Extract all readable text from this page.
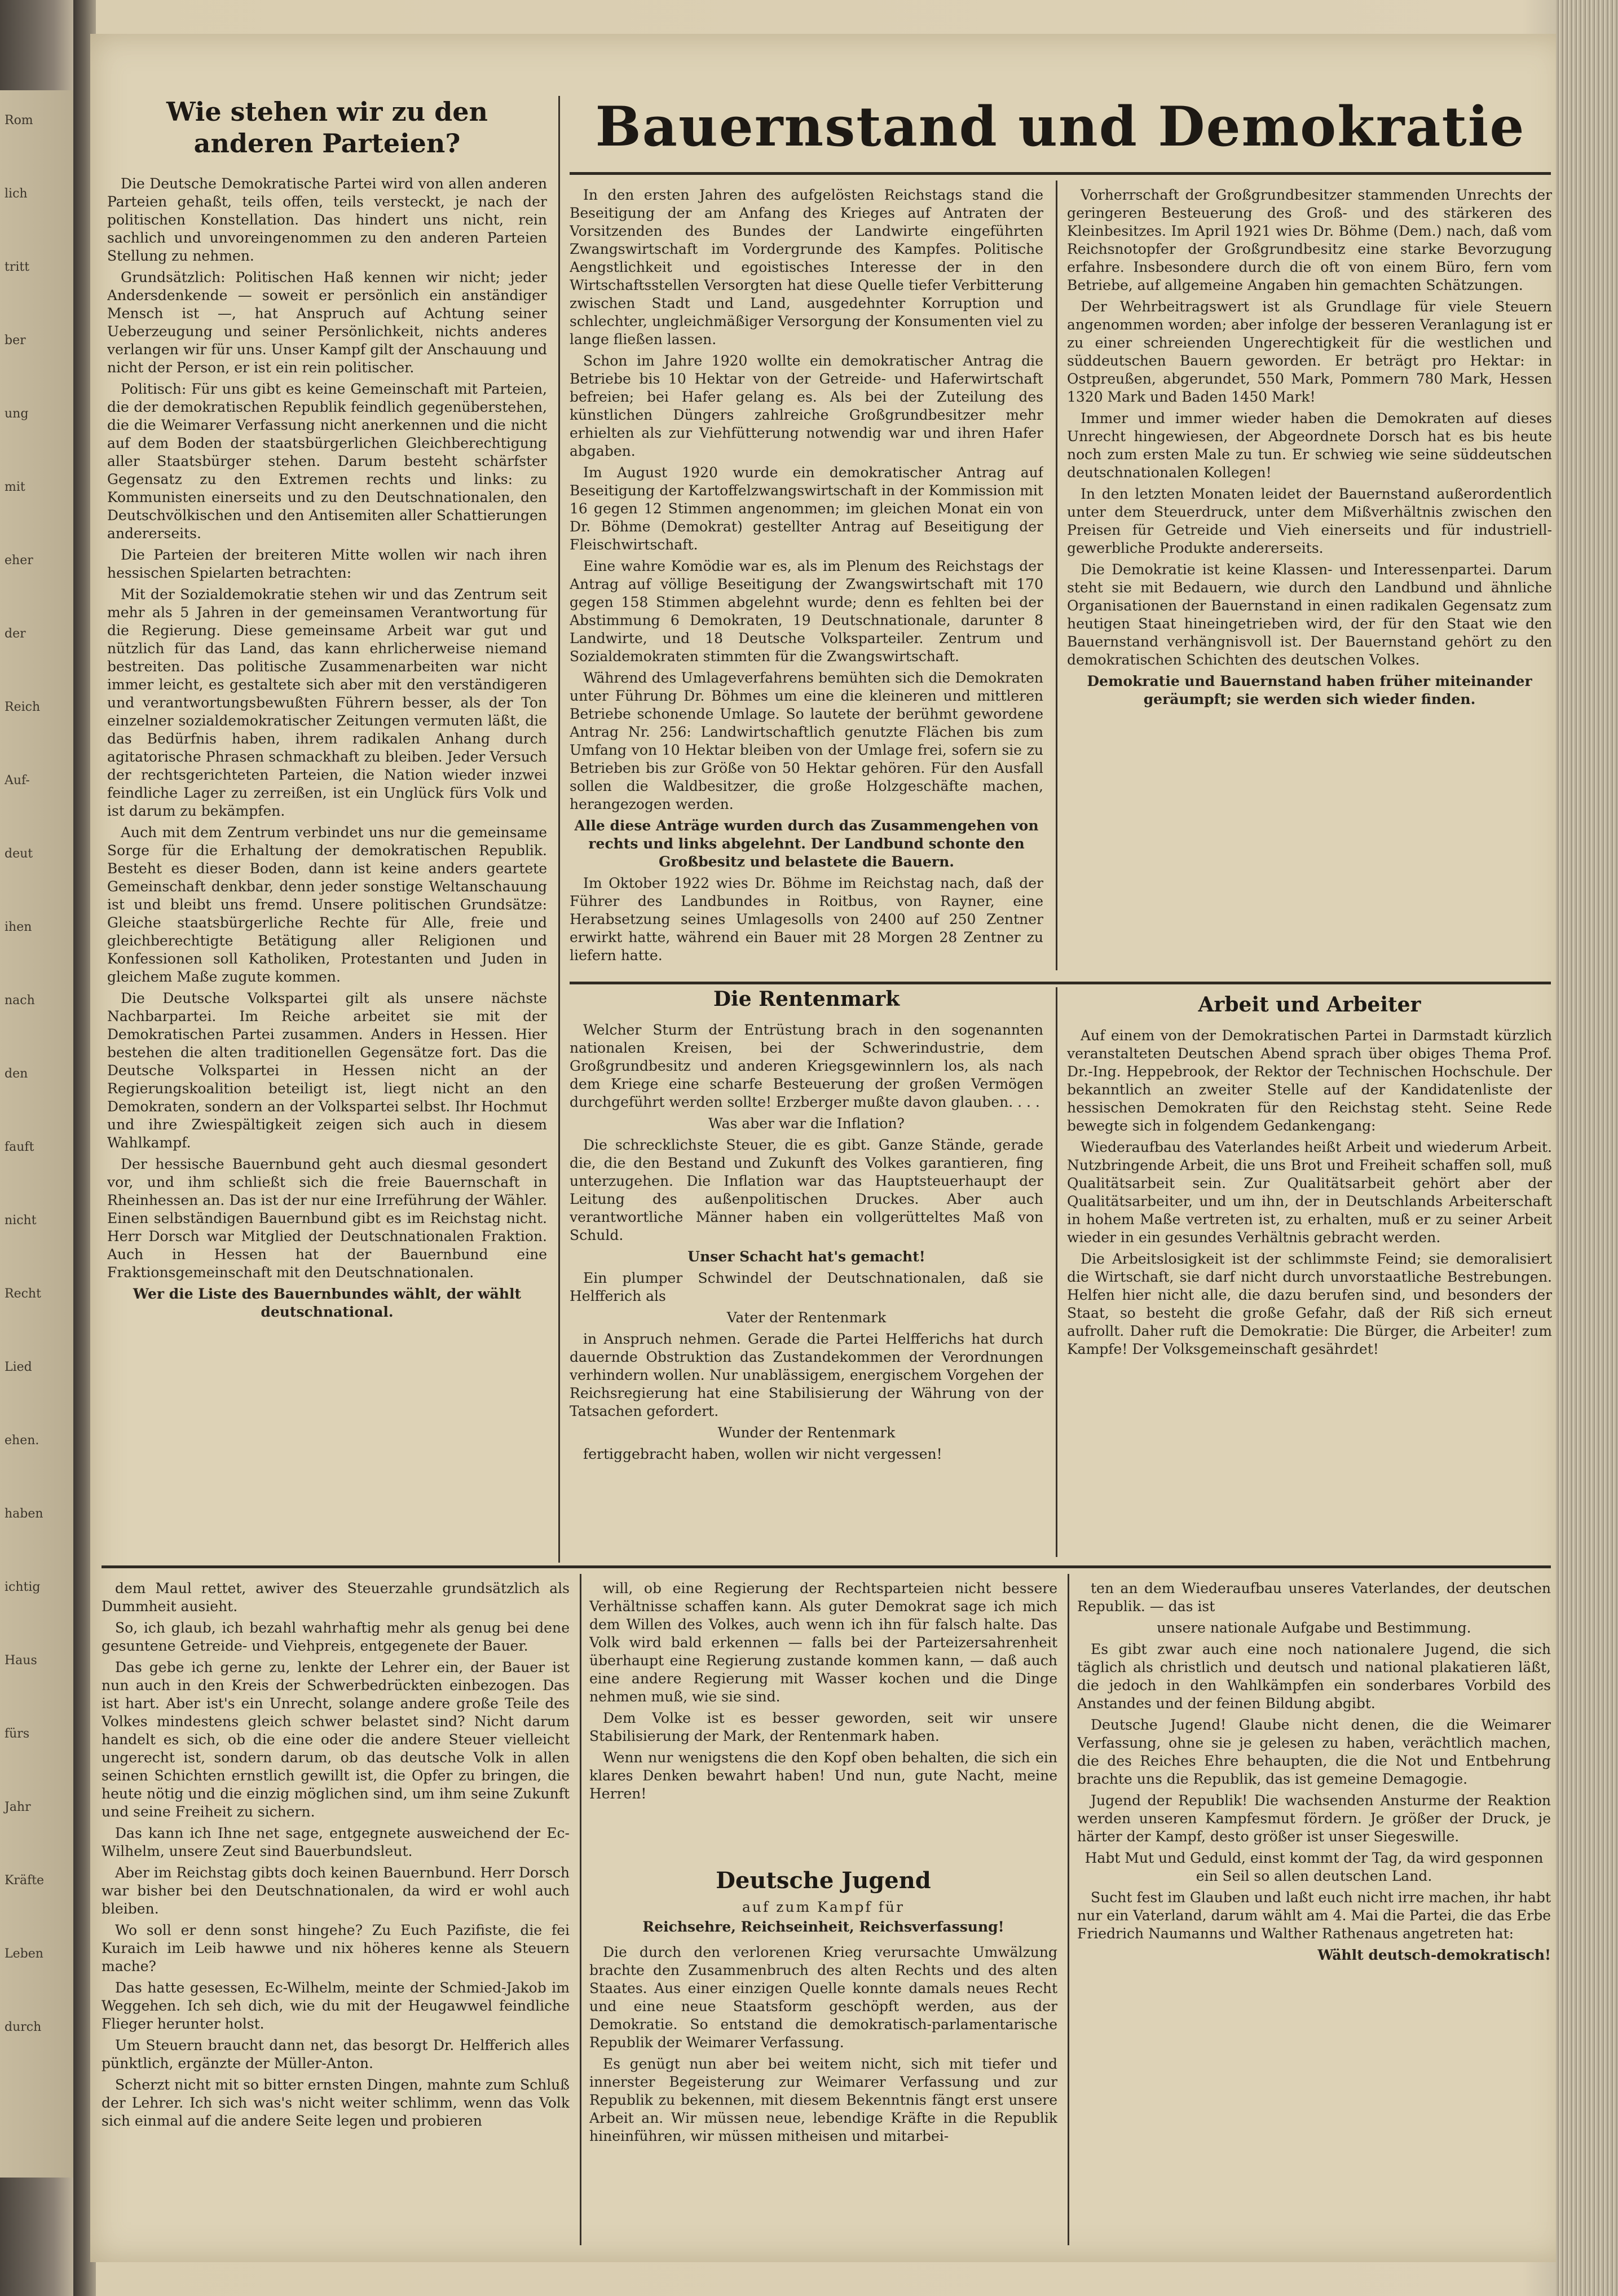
Rom
lich
tritt
ber
ung
mit
eher
der
Reich
Auf-
deut
ihen
nach
den
fauft
nicht
Recht
Lied
ehen.
haben
ichtig
Haus
fürs
Jahr
Kräfte
Leben
durch
Wie stehen wir zu den anderen Parteien?

Die Deutsche Demokratische Partei wird von allen anderen Parteien gehaßt, teils offen, teils versteckt, je nach der politischen Konstellation. Das hindert uns nicht, rein sachlich und unvoreingenommen zu den anderen Parteien Stellung zu nehmen.

Grundsätzlich: Politischen Haß kennen wir nicht; jeder Andersdenkende — soweit er persönlich ein anständiger Mensch ist —, hat Anspruch auf Achtung seiner Ueberzeugung und seiner Persönlichkeit, nichts anderes verlangen wir für uns. Unser Kampf gilt der Anschauung und nicht der Person, er ist ein rein politischer.

Politisch: Für uns gibt es keine Gemeinschaft mit Parteien, die der demokratischen Republik feindlich gegenüberstehen, die die Weimarer Verfassung nicht anerkennen und die nicht auf dem Boden der staatsbürgerlichen Gleichberechtigung aller Staatsbürger stehen. Darum besteht schärfster Gegensatz zu den Extremen rechts und links: zu Kommunisten einerseits und zu den Deutschnationalen, den Deutschvölkischen und den Antisemiten aller Schattierungen andererseits.

Die Parteien der breiteren Mitte wollen wir nach ihren hessischen Spielarten betrachten:

Mit der Sozialdemokratie stehen wir und das Zentrum seit mehr als 5 Jahren in der gemeinsamen Verantwortung für die Regierung. Diese gemeinsame Arbeit war gut und nützlich für das Land, das kann ehrlicherweise niemand bestreiten. Das politische Zusammenarbeiten war nicht immer leicht, es gestaltete sich aber mit den verständigeren und verantwortungsbewußten Führern besser, als der Ton einzelner sozialdemokratischer Zeitungen vermuten läßt, die das Bedürfnis haben, ihrem radikalen Anhang durch agitatorische Phrasen schmackhaft zu bleiben. Jeder Versuch der rechtsgerichteten Parteien, die Nation wieder inzwei feindliche Lager zu zerreißen, ist ein Unglück fürs Volk und ist darum zu bekämpfen.

Auch mit dem Zentrum verbindet uns nur die gemeinsame Sorge für die Erhaltung der demokratischen Republik. Besteht es dieser Boden, dann ist keine anders geartete Gemeinschaft denkbar, denn jeder sonstige Weltanschauung ist und bleibt uns fremd. Unsere politischen Grundsätze: Gleiche staatsbürgerliche Rechte für Alle, freie und gleichberechtigte Betätigung aller Religionen und Konfessionen soll Katholiken, Protestanten und Juden in gleichem Maße zugute kommen.

Die Deutsche Volkspartei gilt als unsere nächste Nachbarpartei. Im Reiche arbeitet sie mit der Demokratischen Partei zusammen. Anders in Hessen. Hier bestehen die alten traditionellen Gegensätze fort. Das die Deutsche Volkspartei in Hessen nicht an der Regierungskoalition beteiligt ist, liegt nicht an den Demokraten, sondern an der Volkspartei selbst. Ihr Hochmut und ihre Zwiespältigkeit zeigen sich auch in diesem Wahlkampf.

Der hessische Bauernbund geht auch diesmal gesondert vor, und ihm schließt sich die freie Bauernschaft in Rheinhessen an. Das ist der nur eine Irreführung der Wähler. Einen selbständigen Bauernbund gibt es im Reichstag nicht. Herr Dorsch war Mitglied der Deutschnationalen Fraktion. Auch in Hessen hat der Bauernbund eine Fraktionsgemeinschaft mit den Deutschnationalen.

Wer die Liste des Bauernbundes wählt, der wählt deutschnational.

Bauernstand und Demokratie

In den ersten Jahren des aufgelösten Reichstags stand die Beseitigung der am Anfang des Krieges auf Antraten der Vorsitzenden des Bundes der Landwirte eingeführten Zwangswirtschaft im Vordergrunde des Kampfes. Politische Aengstlichkeit und egoistisches Interesse der in den Wirtschaftsstellen Versorgten hat diese Quelle tiefer Verbitterung zwischen Stadt und Land, ausgedehnter Korruption und schlechter, ungleichmäßiger Versorgung der Konsumenten viel zu lange fließen lassen.

Schon im Jahre 1920 wollte ein demokratischer Antrag die Betriebe bis 10 Hektar von der Getreide- und Haferwirtschaft befreien; bei Hafer gelang es. Als bei der Zuteilung des künstlichen Düngers zahlreiche Großgrundbesitzer mehr erhielten als zur Viehfütterung notwendig war und ihren Hafer abgaben.

Im August 1920 wurde ein demokratischer Antrag auf Beseitigung der Kartoffelzwangswirtschaft in der Kommission mit 16 gegen 12 Stimmen angenommen; im gleichen Monat ein von Dr. Böhme (Demokrat) gestellter Antrag auf Beseitigung der Fleischwirtschaft.

Eine wahre Komödie war es, als im Plenum des Reichstags der Antrag auf völlige Beseitigung der Zwangswirtschaft mit 170 gegen 158 Stimmen abgelehnt wurde; denn es fehlten bei der Abstimmung 6 Demokraten, 19 Deutschnationale, darunter 8 Landwirte, und 18 Deutsche Volksparteiler. Zentrum und Sozialdemokraten stimmten für die Zwangswirtschaft.

Während des Umlageverfahrens bemühten sich die Demokraten unter Führung Dr. Böhmes um eine die kleineren und mittleren Betriebe schonende Umlage. So lautete der berühmt gewordene Antrag Nr. 256: Landwirtschaftlich genutzte Flächen bis zum Umfang von 10 Hektar bleiben von der Umlage frei, sofern sie zu Betrieben bis zur Größe von 50 Hektar gehören. Für den Ausfall sollen die Waldbesitzer, die große Holzgeschäfte machen, herangezogen werden.

Alle diese Anträge wurden durch das Zusammengehen von rechts und links abgelehnt. Der Landbund schonte den Großbesitz und belastete die Bauern.

Im Oktober 1922 wies Dr. Böhme im Reichstag nach, daß der Führer des Landbundes in Roitbus, von Rayner, eine Herabsetzung seines Umlagesolls von 2400 auf 250 Zentner erwirkt hatte, während ein Bauer mit 28 Morgen 28 Zentner zu liefern hatte.

Vorherrschaft der Großgrundbesitzer stammenden Unrechts der geringeren Besteuerung des Groß- und des stärkeren des Kleinbesitzes. Im April 1921 wies Dr. Böhme (Dem.) nach, daß vom Reichsnotopfer der Großgrundbesitz eine starke Bevorzugung erfahre. Insbesondere durch die oft von einem Büro, fern vom Betriebe, auf allgemeine Angaben hin gemachten Schätzungen.

Der Wehrbeitragswert ist als Grundlage für viele Steuern angenommen worden; aber infolge der besseren Veranlagung ist er zu einer schreienden Ungerechtigkeit für die westlichen und süddeutschen Bauern geworden. Er beträgt pro Hektar: in Ostpreußen, abgerundet, 550 Mark, Pommern 780 Mark, Hessen 1320 Mark und Baden 1450 Mark!

Immer und immer wieder haben die Demokraten auf dieses Unrecht hingewiesen, der Abgeordnete Dorsch hat es bis heute noch zum ersten Male zu tun. Er schwieg wie seine süddeutschen deutschnationalen Kollegen!

In den letzten Monaten leidet der Bauernstand außerordentlich unter dem Steuerdruck, unter dem Mißverhältnis zwischen den Preisen für Getreide und Vieh einerseits und für industriell-gewerbliche Produkte andererseits.

Die Demokratie ist keine Klassen- und Interessenpartei. Darum steht sie mit Bedauern, wie durch den Landbund und ähnliche Organisationen der Bauernstand in einen radikalen Gegensatz zum heutigen Staat hineingetrieben wird, der für den Staat wie den Bauernstand verhängnisvoll ist. Der Bauernstand gehört zu den demokratischen Schichten des deutschen Volkes.

Demokratie und Bauernstand haben früher miteinander geräumpft; sie werden sich wieder finden.

Die Rentenmark

Welcher Sturm der Entrüstung brach in den sogenannten nationalen Kreisen, bei der Schwerindustrie, dem Großgrundbesitz und anderen Kriegsgewinnlern los, als nach dem Kriege eine scharfe Besteuerung der großen Vermögen durchgeführt werden sollte! Erzberger mußte davon glauben. . . .

Was aber war die Inflation?

Die schrecklichste Steuer, die es gibt. Ganze Stände, gerade die, die den Bestand und Zukunft des Volkes garantieren, fing unterzugehen. Die Inflation war das Hauptsteuerhaupt der Leitung des außenpolitischen Druckes. Aber auch verantwortliche Männer haben ein vollgerütteltes Maß von Schuld.

Unser Schacht hat's gemacht!

Ein plumper Schwindel der Deutschnationalen, daß sie Helfferich als

Vater der Rentenmark

in Anspruch nehmen. Gerade die Partei Helfferichs hat durch dauernde Obstruktion das Zustandekommen der Verordnungen verhindern wollen. Nur unablässigem, energischem Vorgehen der Reichsregierung hat eine Stabilisierung der Währung von der Tatsachen gefordert.

Wunder der Rentenmark

fertiggebracht haben, wollen wir nicht vergessen!

Arbeit und Arbeiter

Auf einem von der Demokratischen Partei in Darmstadt kürzlich veranstalteten Deutschen Abend sprach über obiges Thema Prof. Dr.-Ing. Heppebrook, der Rektor der Technischen Hochschule. Der bekanntlich an zweiter Stelle auf der Kandidatenliste der hessischen Demokraten für den Reichstag steht. Seine Rede bewegte sich in folgendem Gedankengang:

Wiederaufbau des Vaterlandes heißt Arbeit und wiederum Arbeit. Nutzbringende Arbeit, die uns Brot und Freiheit schaffen soll, muß Qualitätsarbeit sein. Zur Qualitätsarbeit gehört aber der Qualitätsarbeiter, und um ihn, der in Deutschlands Arbeiterschaft in hohem Maße vertreten ist, zu erhalten, muß er zu seiner Arbeit wieder in ein gesundes Verhältnis gebracht werden.

Die Arbeitslosigkeit ist der schlimmste Feind; sie demoralisiert die Wirtschaft, sie darf nicht durch unvorstaatliche Bestrebungen. Helfen hier nicht alle, die dazu berufen sind, und besonders der Staat, so besteht die große Gefahr, daß der Riß sich erneut aufrollt. Daher ruft die Demokratie: Die Bürger, die Arbeiter! zum Kampfe! Der Volksgemeinschaft gesährdet!

dem Maul rettet, awiver des Steuerzahle grundsätzlich als Dummheit ausieht.

So, ich glaub, ich bezahl wahrhaftig mehr als genug bei dene gesuntene Getreide- und Viehpreis, entgegenete der Bauer.

Das gebe ich gerne zu, lenkte der Lehrer ein, der Bauer ist nun auch in den Kreis der Schwerbedrückten einbezogen. Das ist hart. Aber ist's ein Unrecht, solange andere große Teile des Volkes mindestens gleich schwer belastet sind? Nicht darum handelt es sich, ob die eine oder die andere Steuer vielleicht ungerecht ist, sondern darum, ob das deutsche Volk in allen seinen Schichten ernstlich gewillt ist, die Opfer zu bringen, die heute nötig und die einzig möglichen sind, um ihm seine Zukunft und seine Freiheit zu sichern.

Das kann ich Ihne net sage, entgegnete ausweichend der Ec-Wilhelm, unsere Zeut sind Bauerbundsleut.

Aber im Reichstag gibts doch keinen Bauernbund. Herr Dorsch war bisher bei den Deutschnationalen, da wird er wohl auch bleiben.

Wo soll er denn sonst hingehe? Zu Euch Pazifiste, die fei Kuraich im Leib hawwe und nix höheres kenne als Steuern mache?

Das hatte gesessen, Ec-Wilhelm, meinte der Schmied-Jakob im Weggehen. Ich seh dich, wie du mit der Heugawwel feindliche Flieger herunter holst.

Um Steuern braucht dann net, das besorgt Dr. Helfferich alles pünktlich, ergänzte der Müller-Anton.

Scherzt nicht mit so bitter ernsten Dingen, mahnte zum Schluß der Lehrer. Ich sich was's nicht weiter schlimm, wenn das Volk sich einmal auf die andere Seite legen und probieren

will, ob eine Regierung der Rechtsparteien nicht bessere Verhältnisse schaffen kann. Als guter Demokrat sage ich mich dem Willen des Volkes, auch wenn ich ihn für falsch halte. Das Volk wird bald erkennen — falls bei der Parteizersahrenheit überhaupt eine Regierung zustande kommen kann, — daß auch eine andere Regierung mit Wasser kochen und die Dinge nehmen muß, wie sie sind.

Dem Volke ist es besser geworden, seit wir unsere Stabilisierung der Mark, der Rentenmark haben.

Wenn nur wenigstens die den Kopf oben behalten, die sich ein klares Denken bewahrt haben! Und nun, gute Nacht, meine Herren!

Deutsche Jugend
auf zum Kampf für
Reichsehre, Reichseinheit, Reichsverfassung!

Die durch den verlorenen Krieg verursachte Umwälzung brachte den Zusammenbruch des alten Rechts und des alten Staates. Aus einer einzigen Quelle konnte damals neues Recht und eine neue Staatsform geschöpft werden, aus der Demokratie. So entstand die demokratisch-parlamentarische Republik der Weimarer Verfassung.

Es genügt nun aber bei weitem nicht, sich mit tiefer und innerster Begeisterung zur Weimarer Verfassung und zur Republik zu bekennen, mit diesem Bekenntnis fängt erst unsere Arbeit an. Wir müssen neue, lebendige Kräfte in die Republik hineinführen, wir müssen mitheisen und mitarbei-

ten an dem Wiederaufbau unseres Vaterlandes, der deutschen Republik. — das ist

unsere nationale Aufgabe und Bestimmung.

Es gibt zwar auch eine noch nationalere Jugend, die sich täglich als christlich und deutsch und national plakatieren läßt, die jedoch in den Wahlkämpfen ein sonderbares Vorbild des Anstandes und der feinen Bildung abgibt.

Deutsche Jugend! Glaube nicht denen, die die Weimarer Verfassung, ohne sie je gelesen zu haben, verächtlich machen, die des Reiches Ehre behaupten, die die Not und Entbehrung brachte uns die Republik, das ist gemeine Demagogie.

Jugend der Republik! Die wachsenden Ansturme der Reaktion werden unseren Kampfesmut fördern. Je größer der Druck, je härter der Kampf, desto größer ist unser Siegeswille.

Habt Mut und Geduld, einst kommt der Tag, da wird gesponnen ein Seil so allen deutschen Land.

Sucht fest im Glauben und laßt euch nicht irre machen, ihr habt nur ein Vaterland, darum wählt am 4. Mai die Partei, die das Erbe Friedrich Naumanns und Walther Rathenaus angetreten hat:

Wählt deutsch-demokratisch!
